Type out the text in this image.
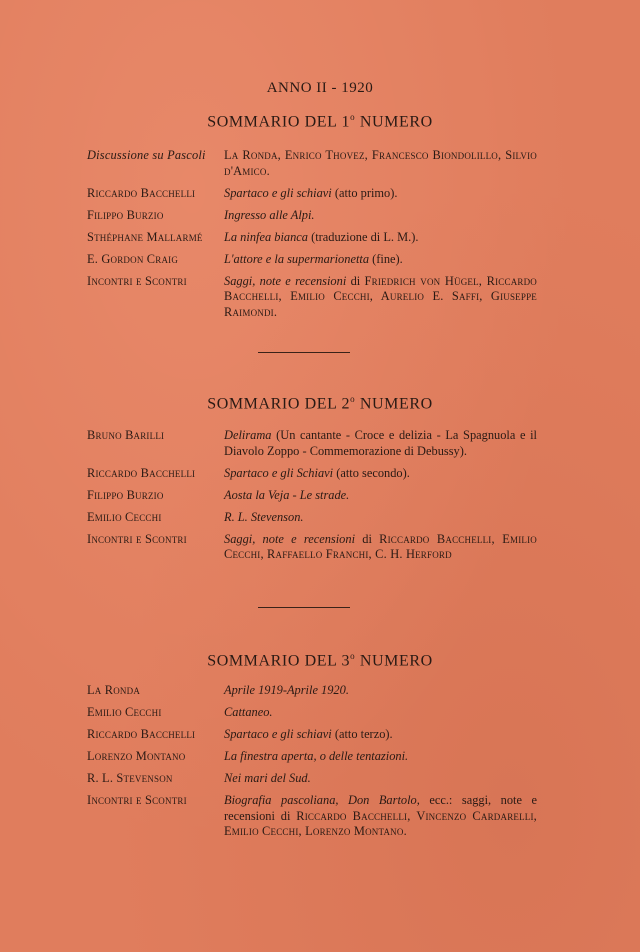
ANNO II - 1920
SOMMARIO DEL 1$^o$ NUMERO
Discussione su Pascoli	La Ronda, Enrico Thovez, Francesco Biondolillo, Silvio d'Amico.
Riccardo Bacchelli	Spartaco e gli schiavi (atto primo).
Filippo Burzio	Ingresso alle Alpi.
Sthéphane Mallarmé	La ninfea bianca (traduzione di L. M.).
E. Gordon Craig	L'attore e la supermarionetta (fine).
Incontri e Scontri	Saggi, note e recensioni di Friedrich von Hügel, Riccardo Bacchelli, Emilio Cecchi, Aurelio E. Saffi, Giuseppe Raimondi.
SOMMARIO DEL 2$^o$ NUMERO
Bruno Barilli	Delirama (Un cantante - Croce e delizia - La Spagnuola e il Diavolo Zoppo - Commemorazione di Debussy).
Riccardo Bacchelli	Spartaco e gli Schiavi (atto secondo).
Filippo Burzio	Aosta la Veja - Le strade.
Emilio Cecchi	R. L. Stevenson.
Incontri e Scontri	Saggi, note e recensioni di Riccardo Bacchelli, Emilio Cecchi, Raffaello Franchi, C. H. Herford
SOMMARIO DEL 3$^o$ NUMERO
La Ronda	Aprile 1919-Aprile 1920.
Emilio Cecchi	Cattaneo.
Riccardo Bacchelli	Spartaco e gli schiavi (atto terzo).
Lorenzo Montano	La finestra aperta, o delle tentazioni.
R. L. Stevenson	Nei mari del Sud.
Incontri e Scontri	Biografia pascoliana, Don Bartolo, ecc.: saggi, note e recensioni di Riccardo Bacchelli, Vincenzo Cardarelli, Emilio Cecchi, Lorenzo Montano.
